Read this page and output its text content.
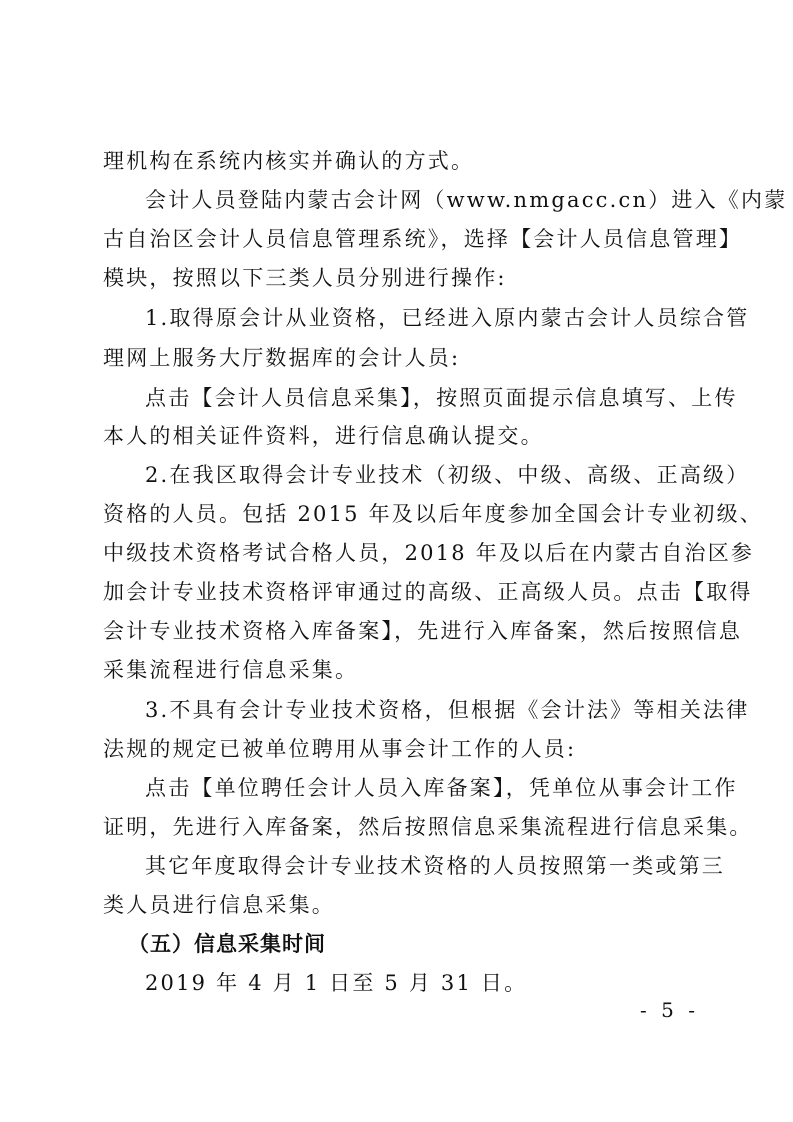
理机构在系统内核实并确认的方式。
会计人员登陆内蒙古会计网（www.nmgacc.cn）进入《内蒙
古自治区会计人员信息管理系统》，选择【会计人员信息管理】
模块，按照以下三类人员分别进行操作:
1.取得原会计从业资格，已经进入原内蒙古会计人员综合管
理网上服务大厅数据库的会计人员:
点击【会计人员信息采集】，按照页面提示信息填写、上传
本人的相关证件资料，进行信息确认提交。
2.在我区取得会计专业技术（初级、中级、高级、正高级）
资格的人员。包括 2015 年及以后年度参加全国会计专业初级、
中级技术资格考试合格人员，2018 年及以后在内蒙古自治区参
加会计专业技术资格评审通过的高级、正高级人员。点击【取得
会计专业技术资格入库备案】，先进行入库备案，然后按照信息
采集流程进行信息采集。
3.不具有会计专业技术资格，但根据《会计法》等相关法律
法规的规定已被单位聘用从事会计工作的人员:
点击【单位聘任会计人员入库备案】，凭单位从事会计工作
证明，先进行入库备案，然后按照信息采集流程进行信息采集。
其它年度取得会计专业技术资格的人员按照第一类或第三
类人员进行信息采集。
（五）信息采集时间
2019 年 4 月 1 日至 5 月 31 日。
- 5 -
